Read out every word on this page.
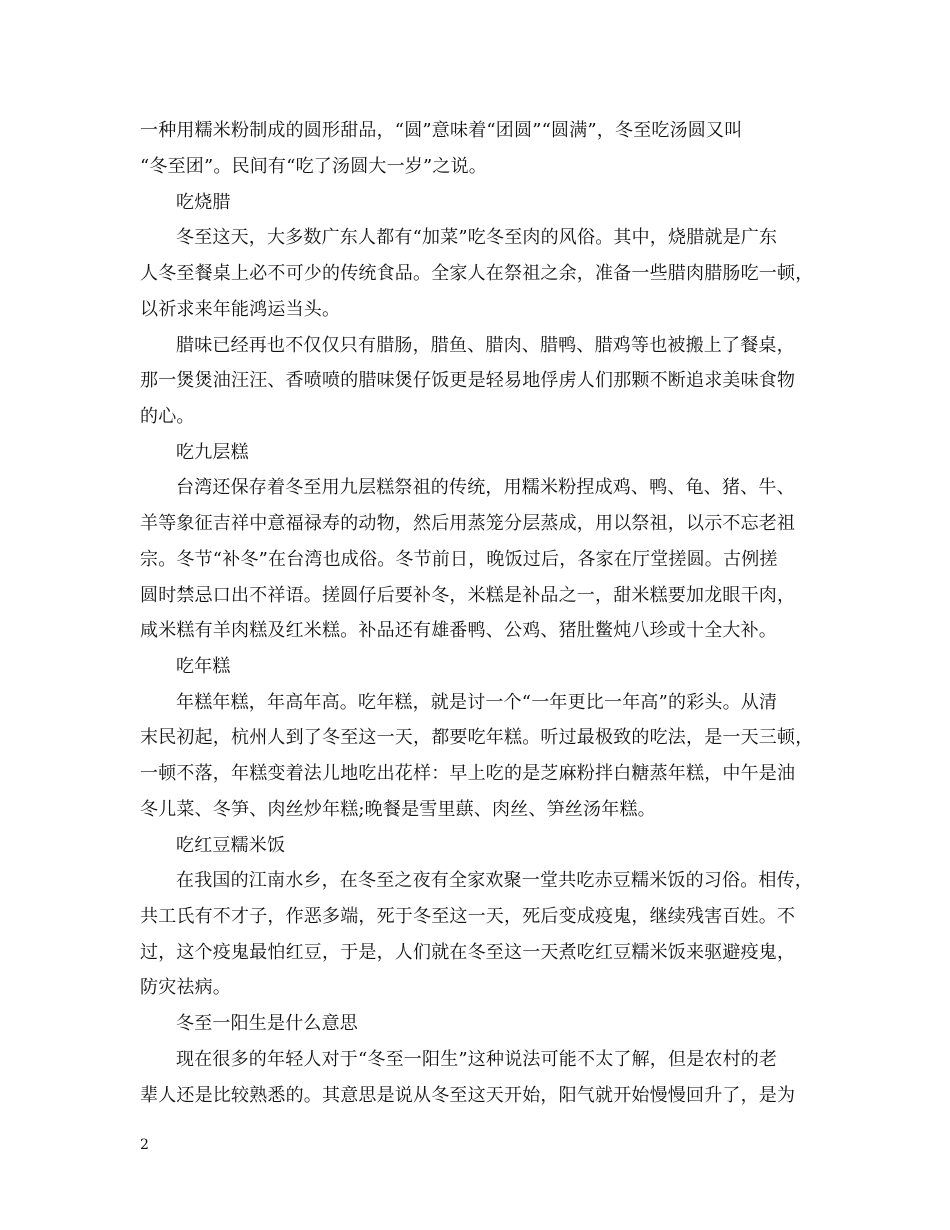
一种用糯米粉制成的圆形甜品，“圆”意味着“团圆”“圆满”，冬至吃汤圆又叫
“冬至团”。民间有“吃了汤圆大一岁”之说。
吃烧腊
冬至这天，大多数广东人都有“加菜”吃冬至肉的风俗。其中，烧腊就是广东
人冬至餐桌上必不可少的传统食品。全家人在祭祖之余，准备一些腊肉腊肠吃一顿，
以祈求来年能鸿运当头。
腊味已经再也不仅仅只有腊肠，腊鱼、腊肉、腊鸭、腊鸡等也被搬上了餐桌，
那一煲煲油汪汪、香喷喷的腊味煲仔饭更是轻易地俘虏人们那颗不断追求美味食物
的心。
吃九层糕
台湾还保存着冬至用九层糕祭祖的传统，用糯米粉捏成鸡、鸭、龟、猪、牛、
羊等象征吉祥中意福禄寿的动物，然后用蒸笼分层蒸成，用以祭祖，以示不忘老祖
宗。冬节“补冬”在台湾也成俗。冬节前日，晚饭过后，各家在厅堂搓圆。古例搓
圆时禁忌口出不祥语。搓圆仔后要补冬，米糕是补品之一，甜米糕要加龙眼干肉，
咸米糕有羊肉糕及红米糕。补品还有雄番鸭、公鸡、猪肚鳖炖八珍或十全大补。
吃年糕
年糕年糕，年高年高。吃年糕，就是讨一个“一年更比一年高”的彩头。从清
末民初起，杭州人到了冬至这一天，都要吃年糕。听过最极致的吃法，是一天三顿，
一顿不落，年糕变着法儿地吃出花样：早上吃的是芝麻粉拌白糖蒸年糕，中午是油
冬儿菜、冬笋、肉丝炒年糕;晚餐是雪里蕻、肉丝、笋丝汤年糕。
吃红豆糯米饭
在我国的江南水乡，在冬至之夜有全家欢聚一堂共吃赤豆糯米饭的习俗。相传，
共工氏有不才子，作恶多端，死于冬至这一天，死后变成疫鬼，继续残害百姓。不
过，这个疫鬼最怕红豆，于是，人们就在冬至这一天煮吃红豆糯米饭来驱避疫鬼，
防灾祛病。
冬至一阳生是什么意思
现在很多的年轻人对于“冬至一阳生”这种说法可能不太了解，但是农村的老
辈人还是比较熟悉的。其意思是说从冬至这天开始，阳气就开始慢慢回升了，是为
2
